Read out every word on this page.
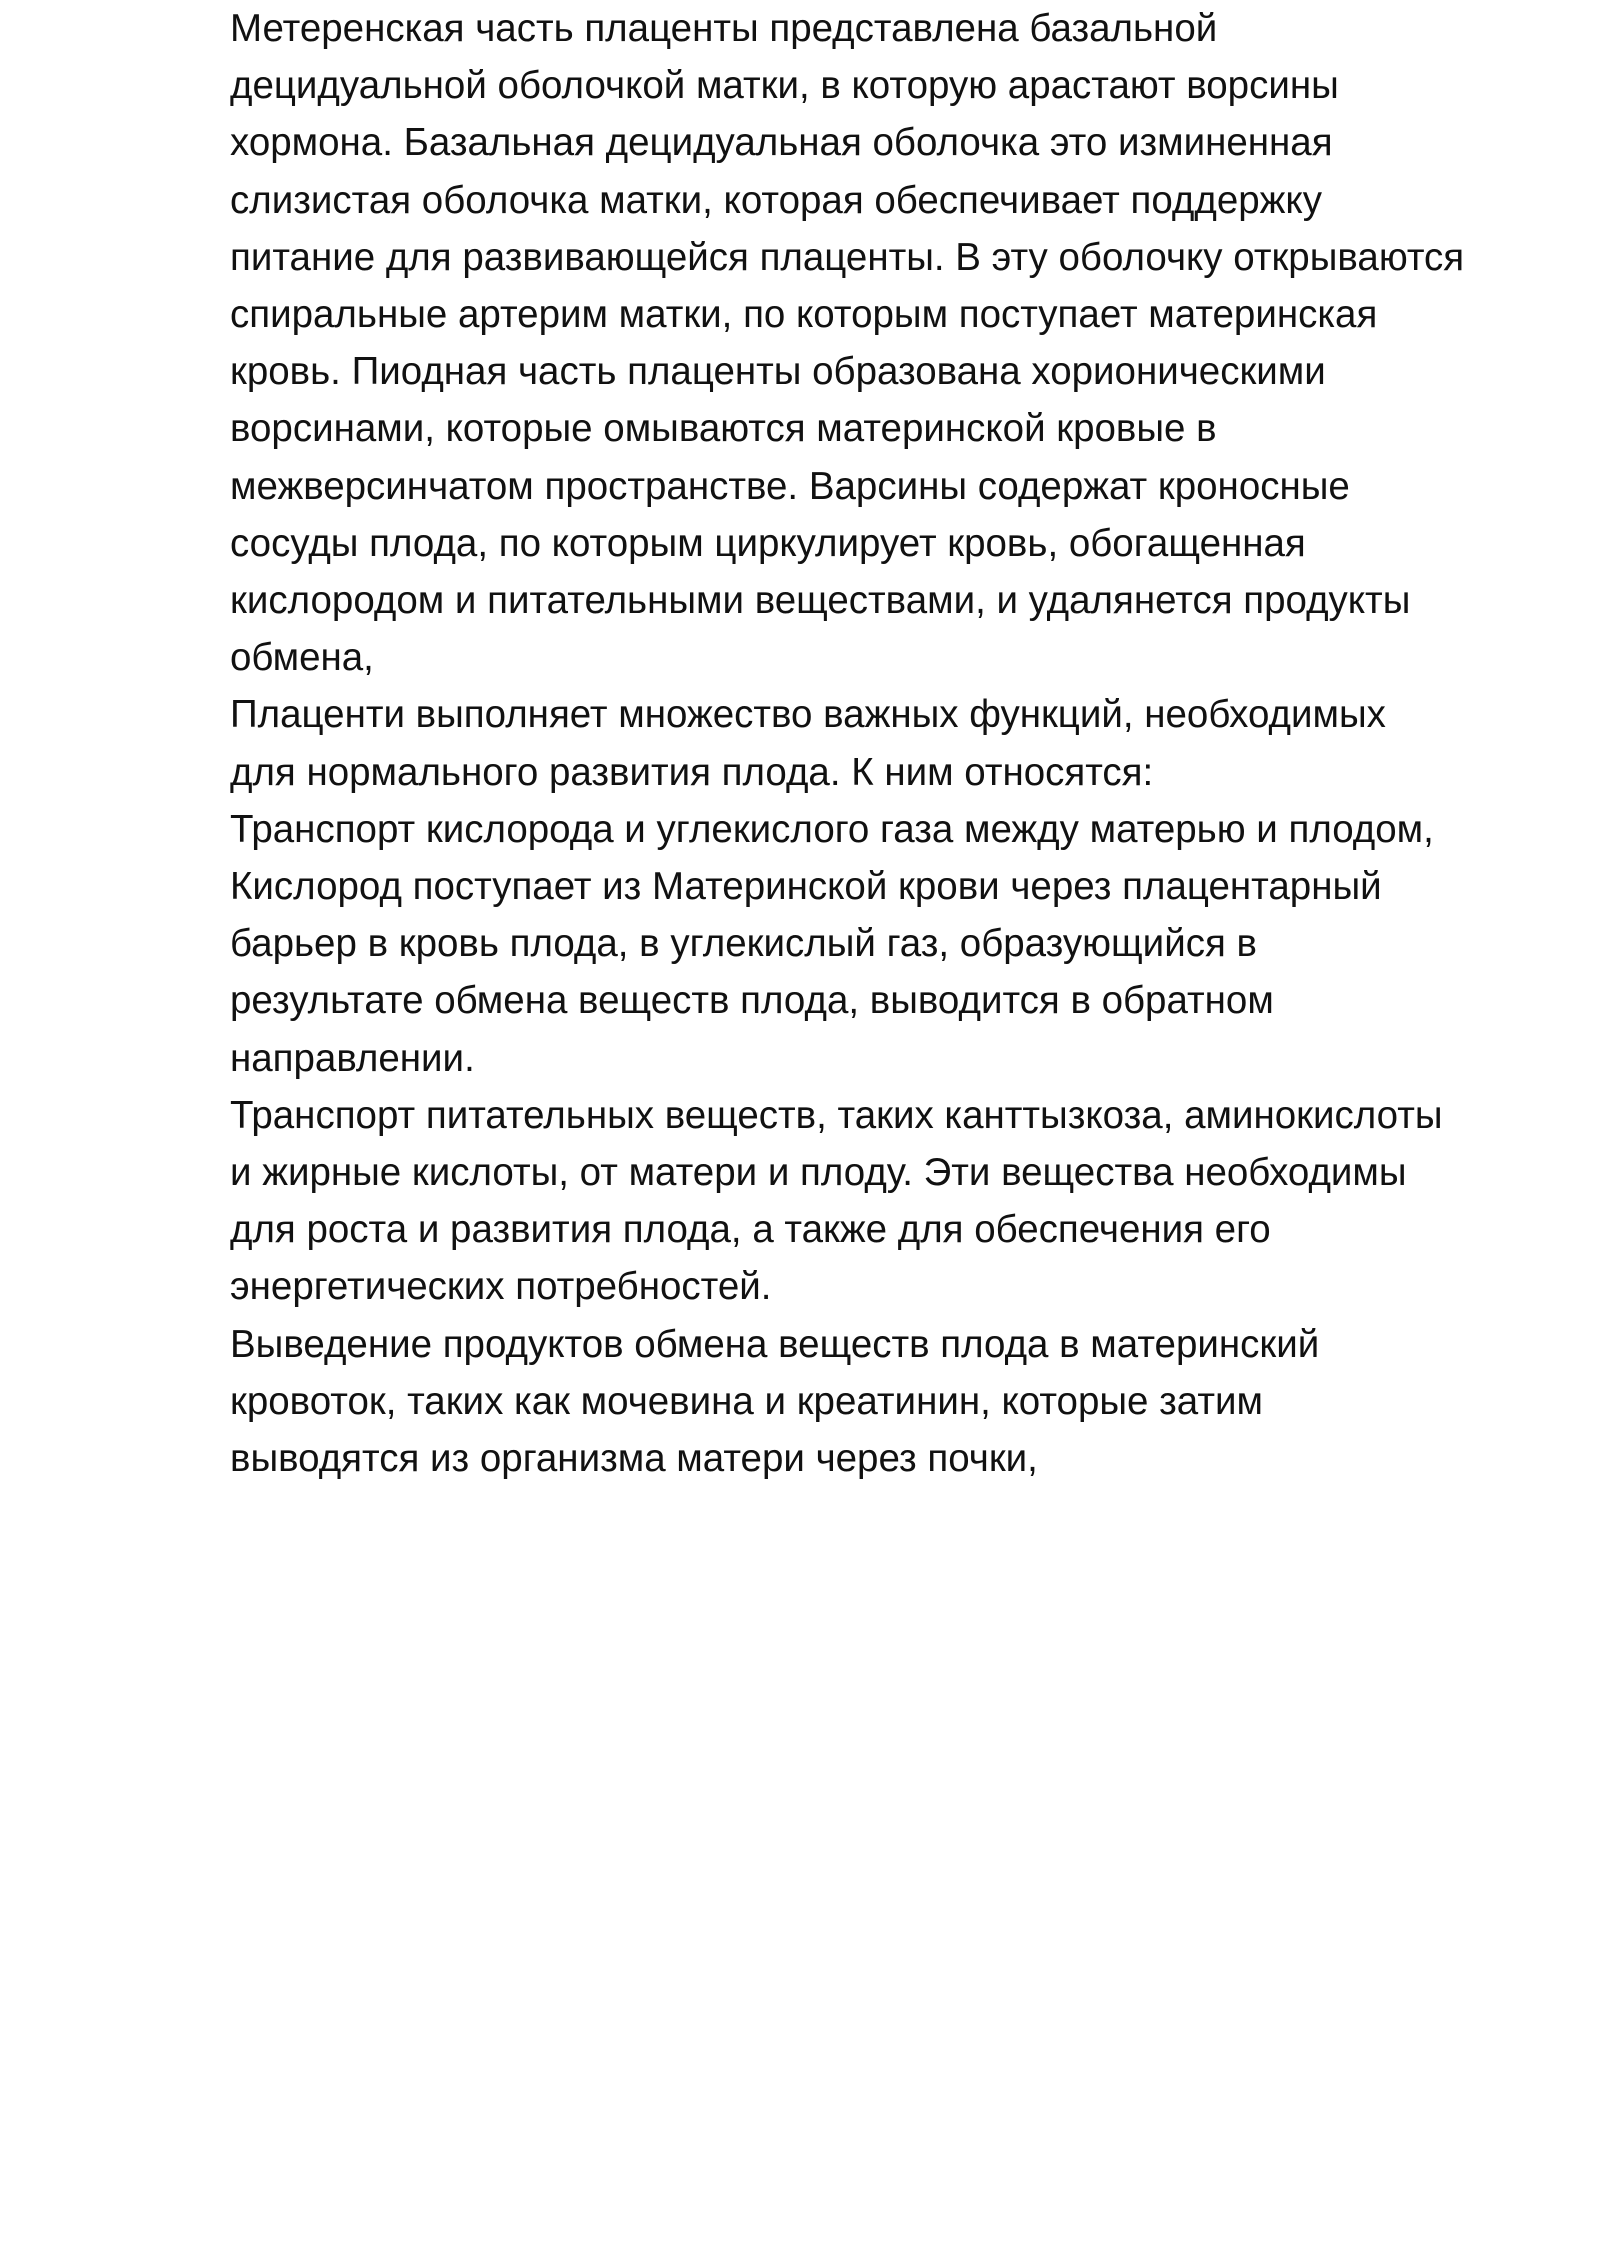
Метеренская часть плаценты представлена базальной
децидуальной оболочкой матки, в которую арастают ворсины
хормона. Базальная децидуальная оболочка это изминенная
слизистая оболочка матки, которая обеспечивает поддержку
питание для развивающейся плаценты. В эту оболочку открываются
спиральные артерим матки, по которым поступает материнская
кровь. Пиодная часть плаценты образована хорионическими
ворсинами, которые омываются материнской кровые в
межверсинчатом пространстве. Варсины содержат кроносные
сосуды плода, по которым циркулирует кровь, обогащенная
кислородом и питательными веществами, и удалянется продукты
обмена,

Плаценти выполняет множество важных функций, необходимых
для нормального развития плода. К ним относятся:

Транспорт кислорода и углекислого газа между матерью и плодом,
Кислород поступает из Материнской крови через плацентарный
барьер в кровь плода, в углекислый газ, образующийся в
результате обмена веществ плода, выводится в обратном
направлении.

Транспорт питательных веществ, таких канттызкоза, аминокислоты
и жирные кислоты, от матери и плоду. Эти вещества необходимы
для роста и развития плода, а также для обеспечения его
энергетических потребностей.

Выведение продуктов обмена веществ плода в материнский
кровоток, таких как мочевина и креатинин, которые затим
выводятся из организма матери через почки,
